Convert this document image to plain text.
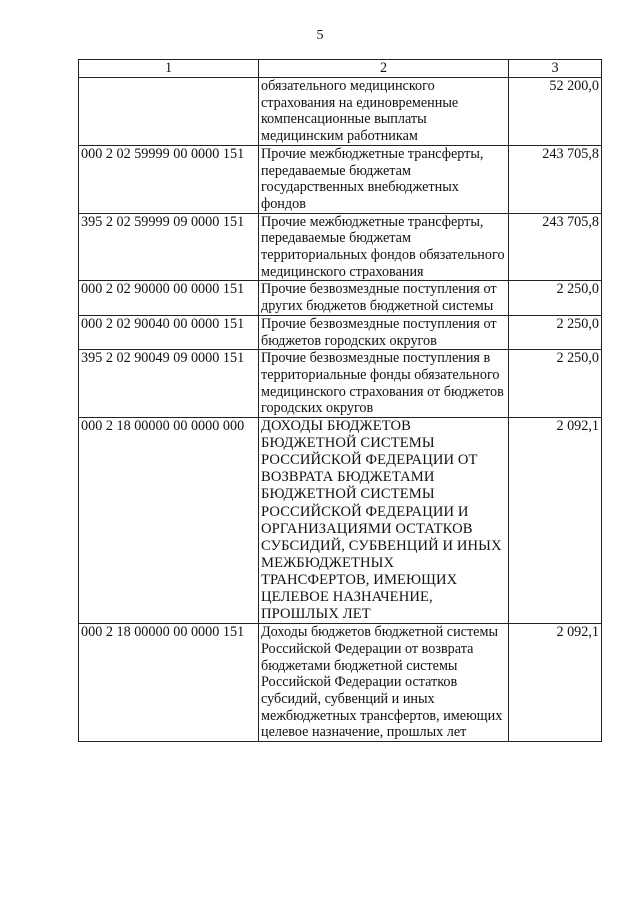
5
1	2	3
	обязательного медицинского страхования на единовременные компенсационные выплаты медицинским работникам	52 200,0
000 2 02 59999 00 0000 151	Прочие межбюджетные трансферты, передаваемые бюджетам государственных внебюджетных фондов	243 705,8
395 2 02 59999 09 0000 151	Прочие межбюджетные трансферты, передаваемые бюджетам территориальных фондов обязательного медицинского страхования	243 705,8
000 2 02 90000 00 0000 151	Прочие безвозмездные поступления от других бюджетов бюджетной системы	2 250,0
000 2 02 90040 00 0000 151	Прочие безвозмездные поступления от бюджетов городских округов	2 250,0
395 2 02 90049 09 0000 151	Прочие безвозмездные поступления в территориальные фонды обязательного медицинского страхования от бюджетов городских округов	2 250,0
000 2 18 00000 00 0000 000	ДОХОДЫ БЮДЖЕТОВ БЮДЖЕТНОЙ СИСТЕМЫ РОССИЙСКОЙ ФЕДЕРАЦИИ ОТ ВОЗВРАТА БЮДЖЕТАМИ БЮДЖЕТНОЙ СИСТЕМЫ РОССИЙСКОЙ ФЕДЕРАЦИИ И ОРГАНИЗАЦИЯМИ ОСТАТКОВ СУБСИДИЙ, СУБВЕНЦИЙ И ИНЫХ МЕЖБЮДЖЕТНЫХ ТРАНСФЕРТОВ, ИМЕЮЩИХ ЦЕЛЕВОЕ НАЗНАЧЕНИЕ, ПРОШЛЫХ ЛЕТ	2 092,1
000 2 18 00000 00 0000 151	Доходы бюджетов бюджетной системы Российской Федерации от возврата бюджетами бюджетной системы Российской Федерации остатков субсидий, субвенций и иных межбюджетных трансфертов, имеющих целевое назначение, прошлых лет	2 092,1
